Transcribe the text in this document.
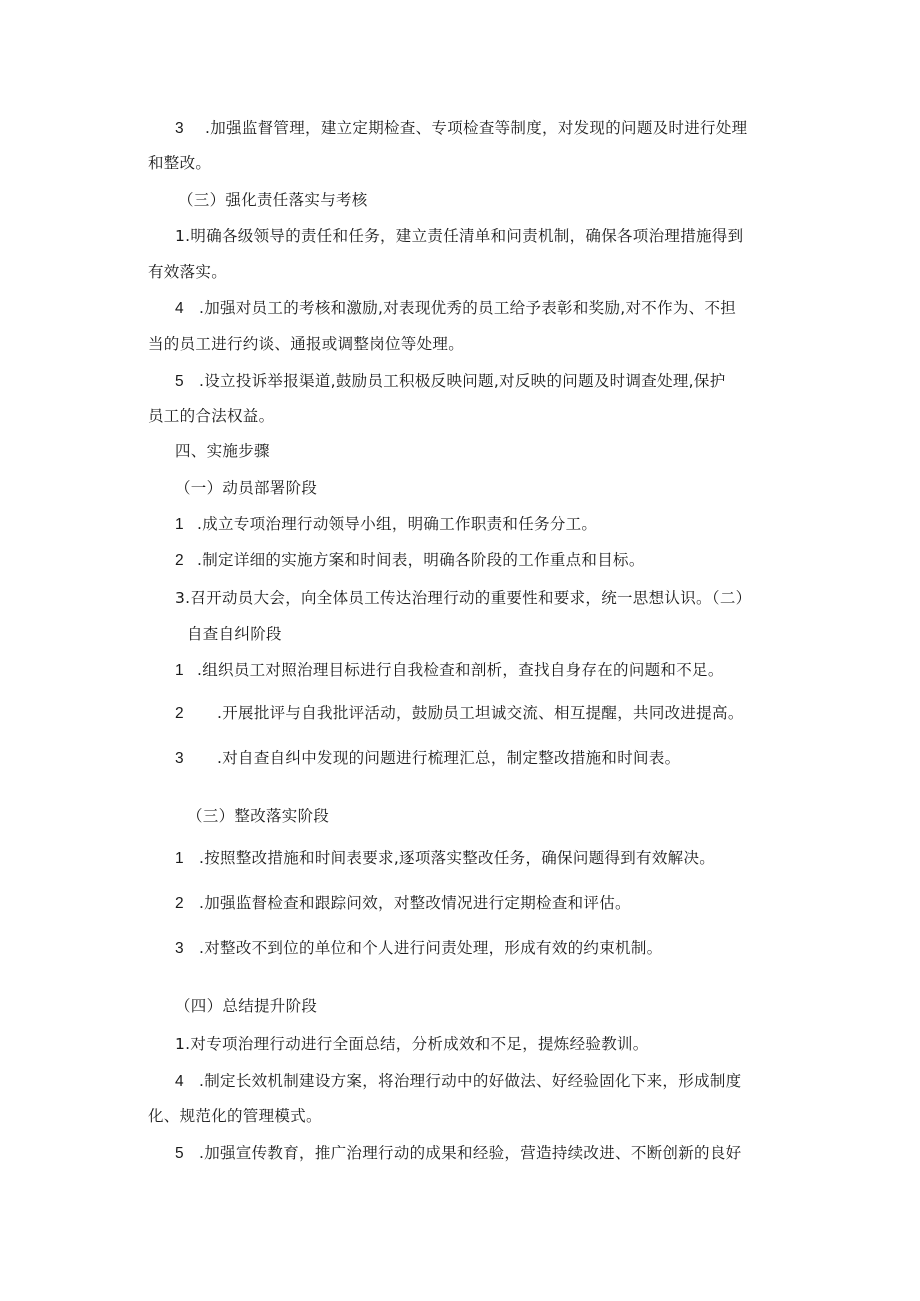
3 .加强监督管理，建立定期检查、专项检查等制度，对发现的问题及时进行处理
和整改。
（三）强化责任落实与考核
1.明确各级领导的责任和任务，建立责任清单和问责机制，确保各项治理措施得到
有效落实。
4 .加强对员工的考核和激励,对表现优秀的员工给予表彰和奖励,对不作为、不担
当的员工进行约谈、通报或调整岗位等处理。
5 .设立投诉举报渠道,鼓励员工积极反映问题,对反映的问题及时调查处理,保护
员工的合法权益。
四、实施步骤
（一）动员部署阶段
1 .成立专项治理行动领导小组，明确工作职责和任务分工。
2 .制定详细的实施方案和时间表，明确各阶段的工作重点和目标。
3.召开动员大会，向全体员工传达治理行动的重要性和要求，统一思想认识。（二）
自查自纠阶段
1 .组织员工对照治理目标进行自我检查和剖析，查找自身存在的问题和不足。
2 .开展批评与自我批评活动，鼓励员工坦诚交流、相互提醒，共同改进提高。
3 .对自查自纠中发现的问题进行梳理汇总，制定整改措施和时间表。
（三）整改落实阶段
1 .按照整改措施和时间表要求,逐项落实整改任务，确保问题得到有效解决。
2 .加强监督检查和跟踪问效，对整改情况进行定期检查和评估。
3 .对整改不到位的单位和个人进行问责处理，形成有效的约束机制。
（四）总结提升阶段
1.对专项治理行动进行全面总结，分析成效和不足，提炼经验教训。
4 .制定长效机制建设方案，将治理行动中的好做法、好经验固化下来，形成制度
化、规范化的管理模式。
5 .加强宣传教育，推广治理行动的成果和经验，营造持续改进、不断创新的良好
